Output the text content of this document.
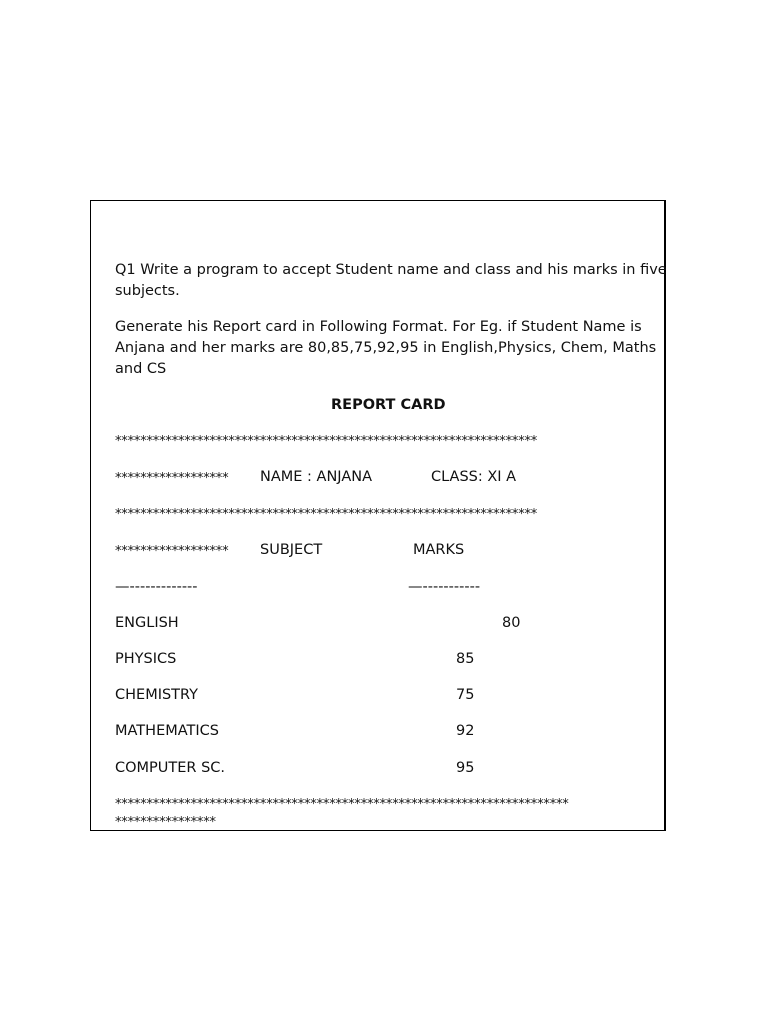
Q1 Write a program to accept Student name and class and his marks in five subjects.
Generate his Report card in Following Format. For Eg. if Student Name is Anjana and her marks are 80,85,75,92,95 in English,Physics, Chem, Maths and CS
REPORT CARD
*******************************************************************
****************** NAME : ANJANA	CLASS: XI A
*******************************************************************
****************** SUBJECT	MARKS
—-------------	—-----------
ENGLISH	80
PHYSICS	85
CHEMISTRY	75
MATHEMATICS	92
COMPUTER SC.	95
************************************************************************
****************
